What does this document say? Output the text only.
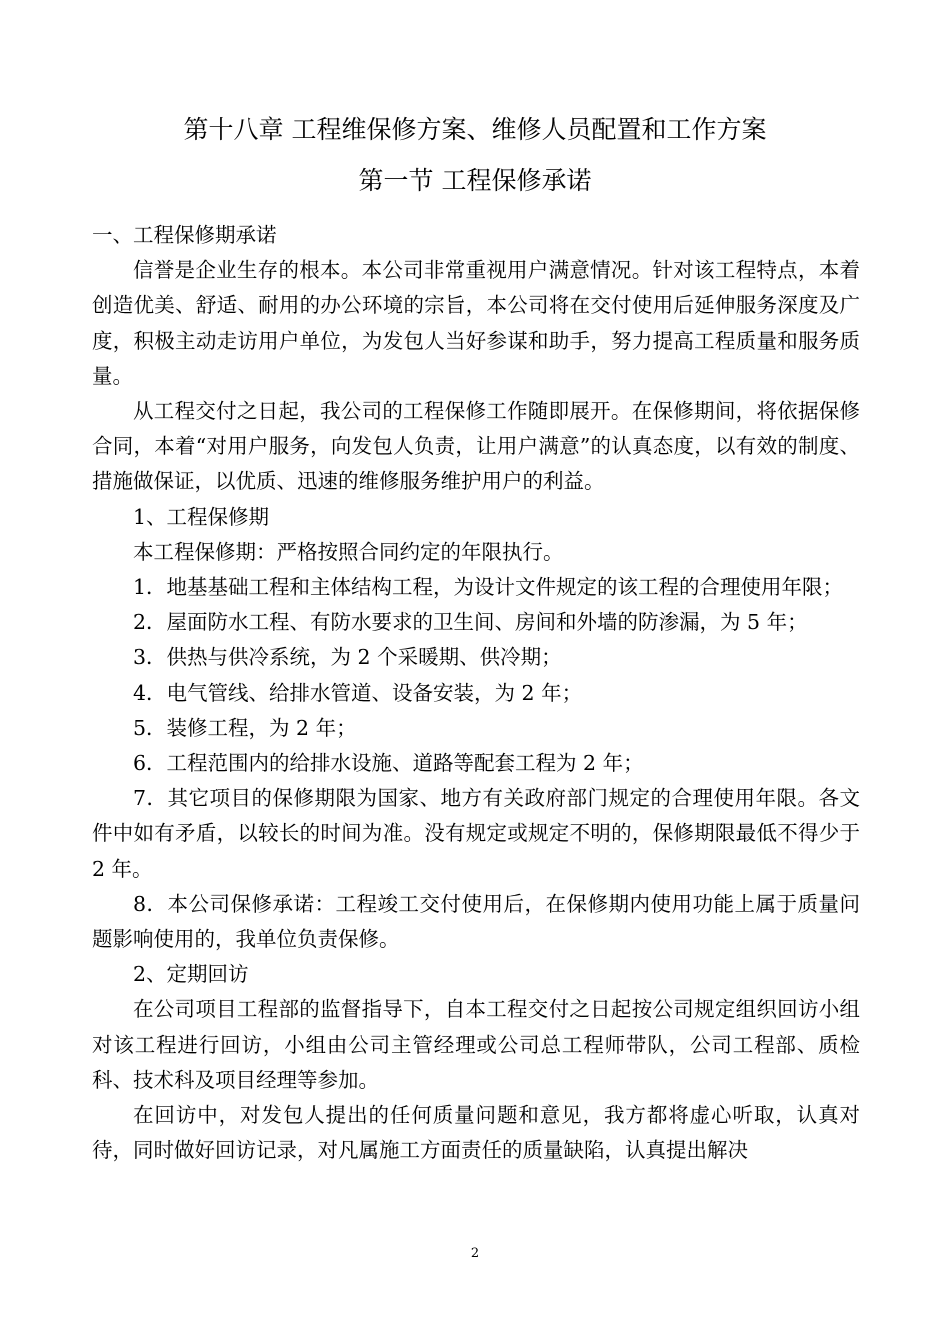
第十八章 工程维保修方案、维修人员配置和工作方案
第一节 工程保修承诺

一、工程保修期承诺

信誉是企业生存的根本。本公司非常重视用户满意情况。针对该工程特点，本着创造优美、舒适、耐用的办公环境的宗旨，本公司将在交付使用后延伸服务深度及广度，积极主动走访用户单位，为发包人当好参谋和助手，努力提高工程质量和服务质量。

从工程交付之日起，我公司的工程保修工作随即展开。在保修期间，将依据保修合同，本着“对用户服务，向发包人负责，让用户满意”的认真态度，以有效的制度、措施做保证，以优质、迅速的维修服务维护用户的利益。

1、工程保修期

本工程保修期：严格按照合同约定的年限执行。

1．地基基础工程和主体结构工程，为设计文件规定的该工程的合理使用年限；

2．屋面防水工程、有防水要求的卫生间、房间和外墙的防渗漏，为 5 年；

3．供热与供冷系统，为 2 个采暖期、供冷期；

4．电气管线、给排水管道、设备安装，为 2 年；

5．装修工程，为 2 年；

6．工程范围内的给排水设施、道路等配套工程为 2 年；

7．其它项目的保修期限为国家、地方有关政府部门规定的合理使用年限。各文件中如有矛盾，以较长的时间为准。没有规定或规定不明的，保修期限最低不得少于 2 年。

8．本公司保修承诺：工程竣工交付使用后，在保修期内使用功能上属于质量问题影响使用的，我单位负责保修。

2、定期回访

在公司项目工程部的监督指导下，自本工程交付之日起按公司规定组织回访小组对该工程进行回访，小组由公司主管经理或公司总工程师带队，公司工程部、质检科、技术科及项目经理等参加。

在回访中，对发包人提出的任何质量问题和意见，我方都将虚心听取，认真对待，同时做好回访记录，对凡属施工方面责任的质量缺陷，认真提出解决

2
